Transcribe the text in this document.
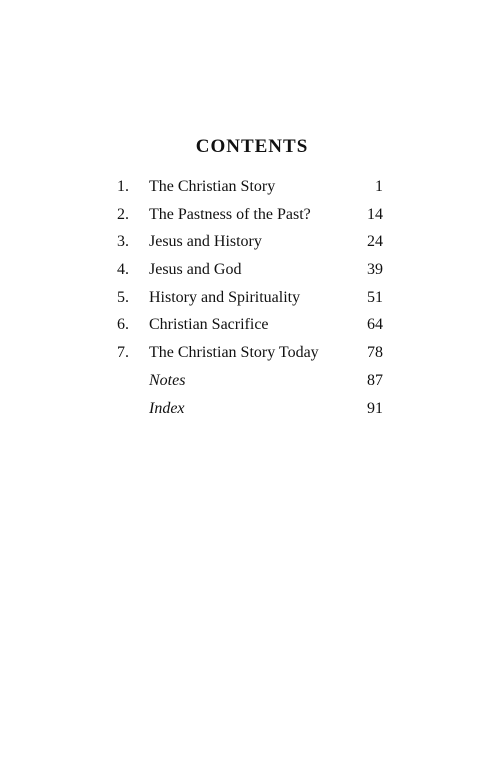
CONTENTS
1. The Christian Story	1
2. The Pastness of the Past?	14
3. Jesus and History	24
4. Jesus and God	39
5. History and Spirituality	51
6. Christian Sacrifice	64
7. The Christian Story Today	78
Notes	87
Index	91
